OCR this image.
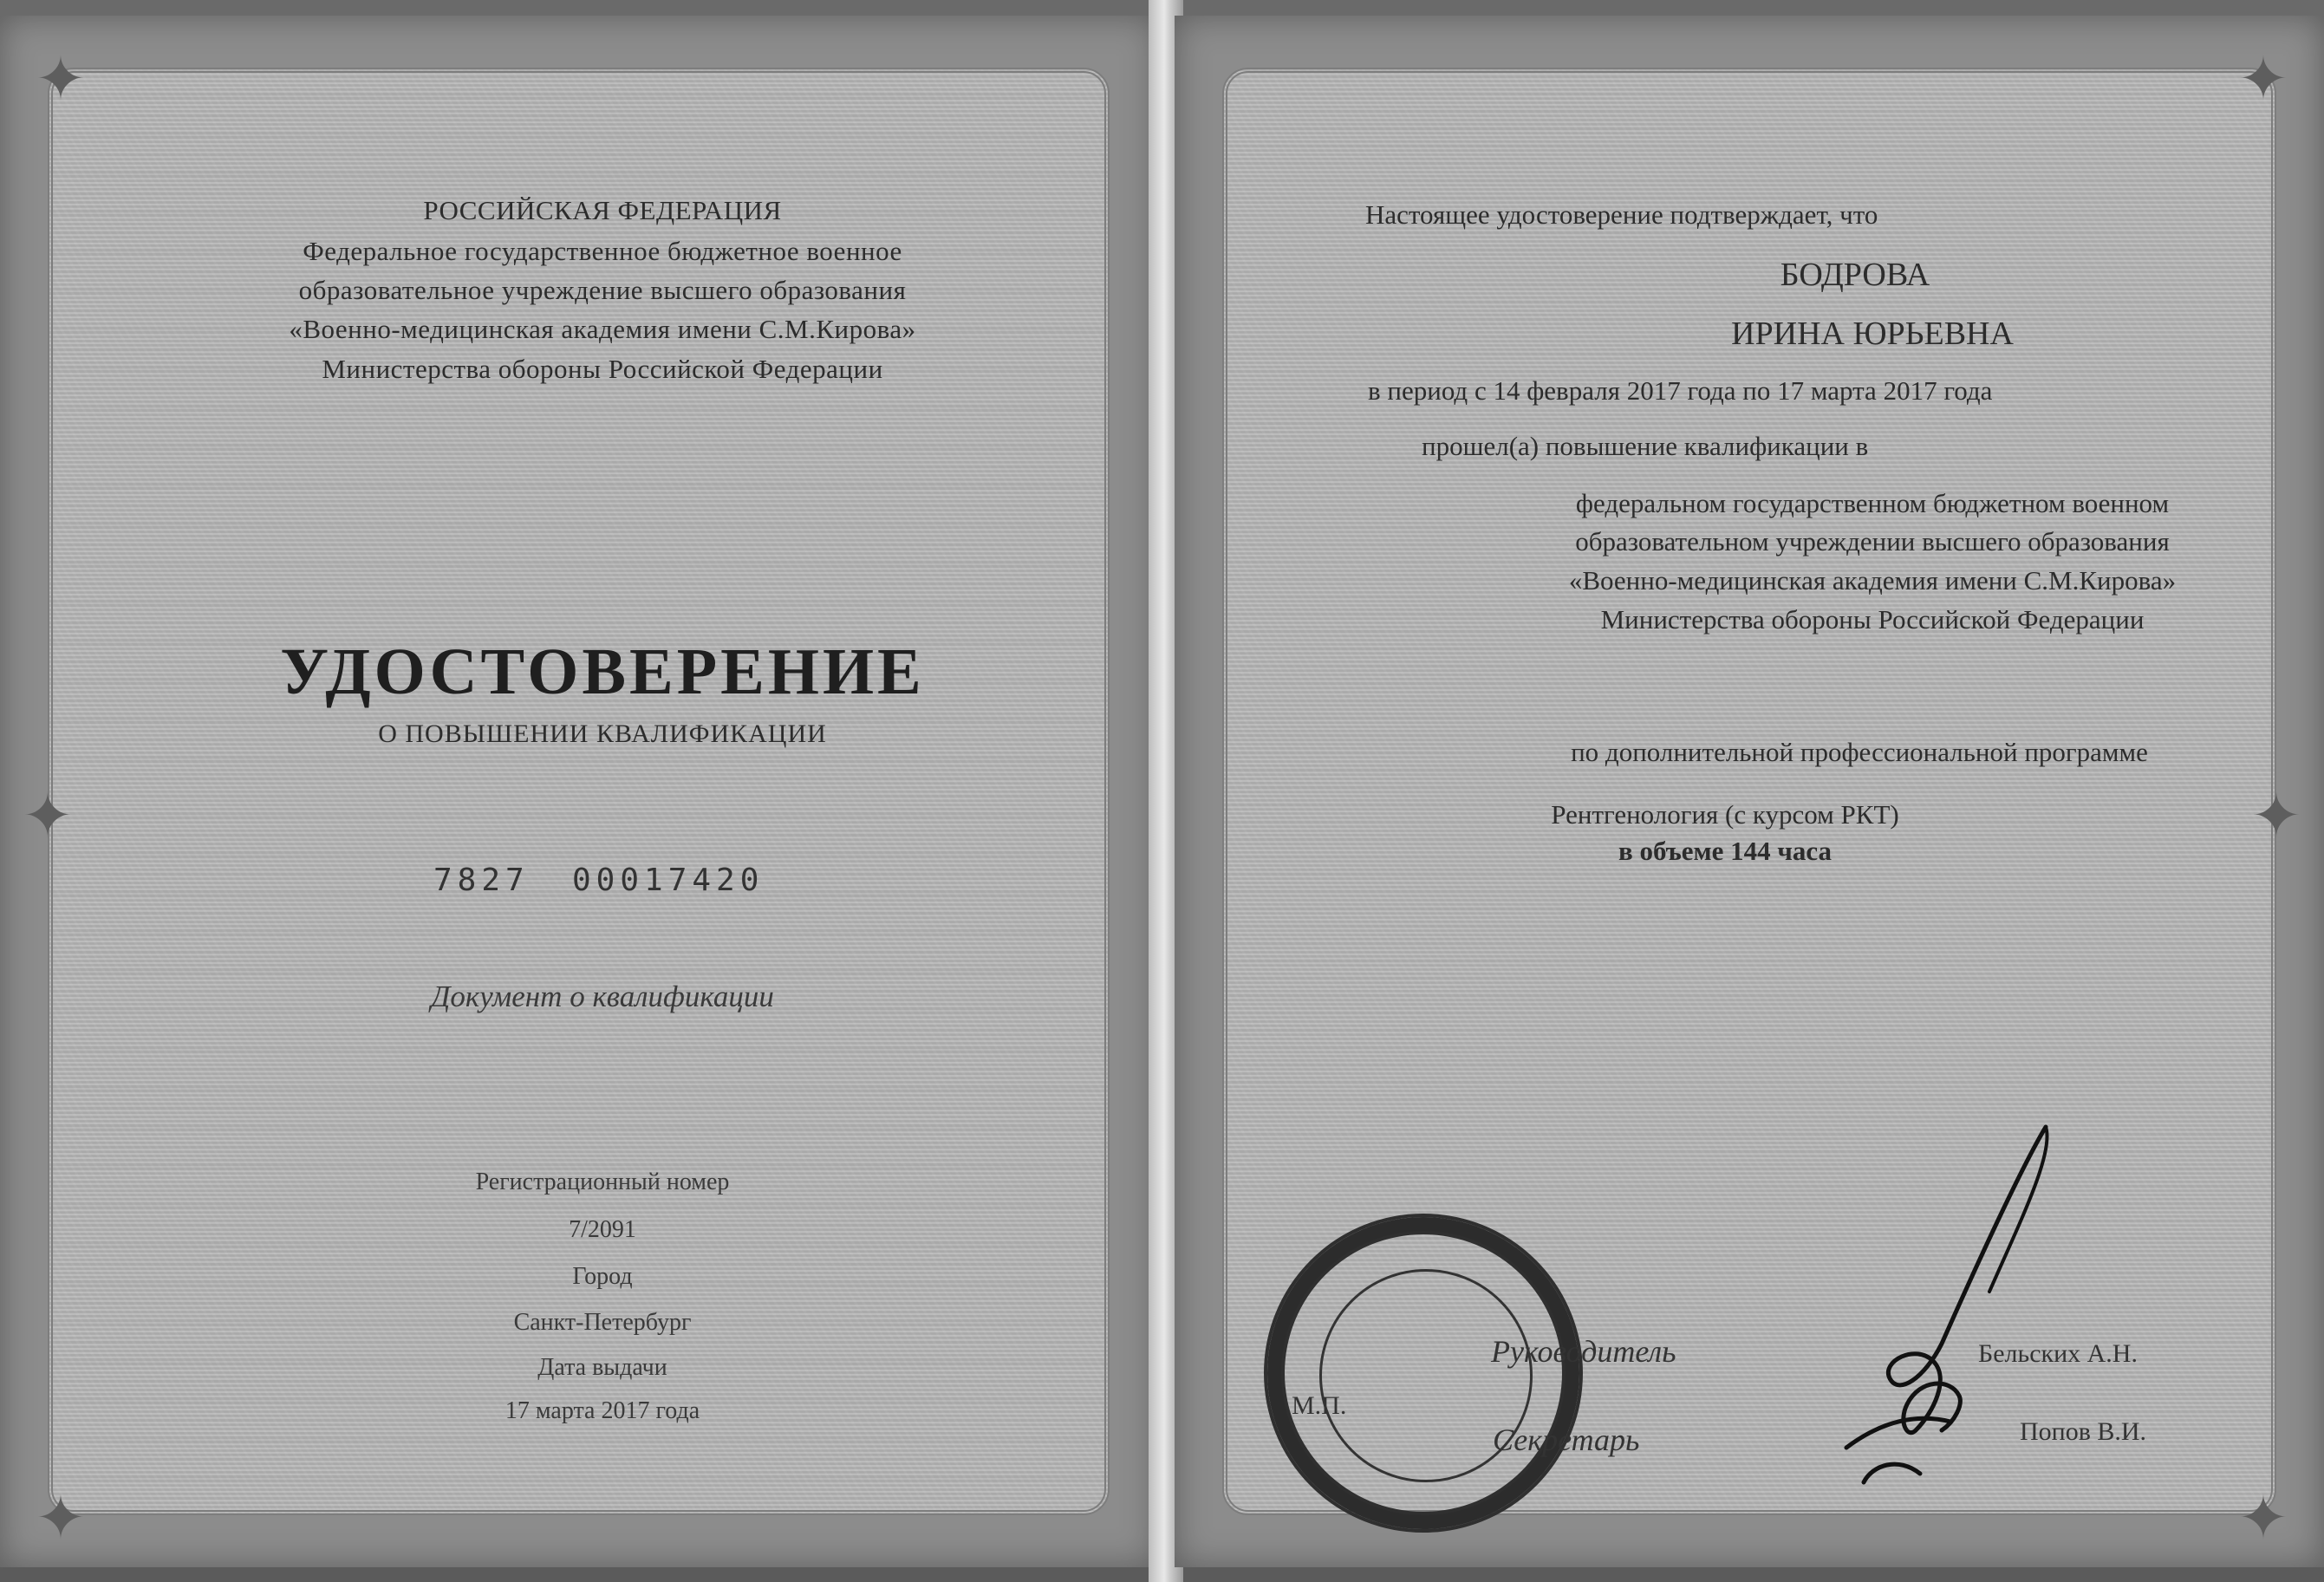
✦
✦
✦
✦
✦
✦
РОССИЙСКАЯ ФЕДЕРАЦИЯ
Федеральное государственное бюджетное военное
образовательное учреждение высшего образования
«Военно-медицинская академия имени С.М.Кирова»
Министерства обороны Российской Федерации
УДОСТОВЕРЕНИЕ
О ПОВЫШЕНИИ КВАЛИФИКАЦИИ
7827 00017420
Документ о квалификации
Регистрационный номер
7/2091
Город
Санкт-Петербург
Дата выдачи
17 марта 2017 года
Настоящее удостоверение подтверждает, что
БОДРОВА
ИРИНА ЮРЬЕВНА
в период с 14 февраля 2017 года по 17 марта 2017 года
прошел(а) повышение квалификации в
федеральном государственном бюджетном военном
образовательном учреждении высшего образования
«Военно-медицинская академия имени С.М.Кирова»
Министерства обороны Российской Федерации
по дополнительной профессиональной программе
Рентгенология (с курсом РКТ)
в объеме 144 часа
М.П.
Руководитель	Бельских А.Н.
Секретарь	Попов В.И.
